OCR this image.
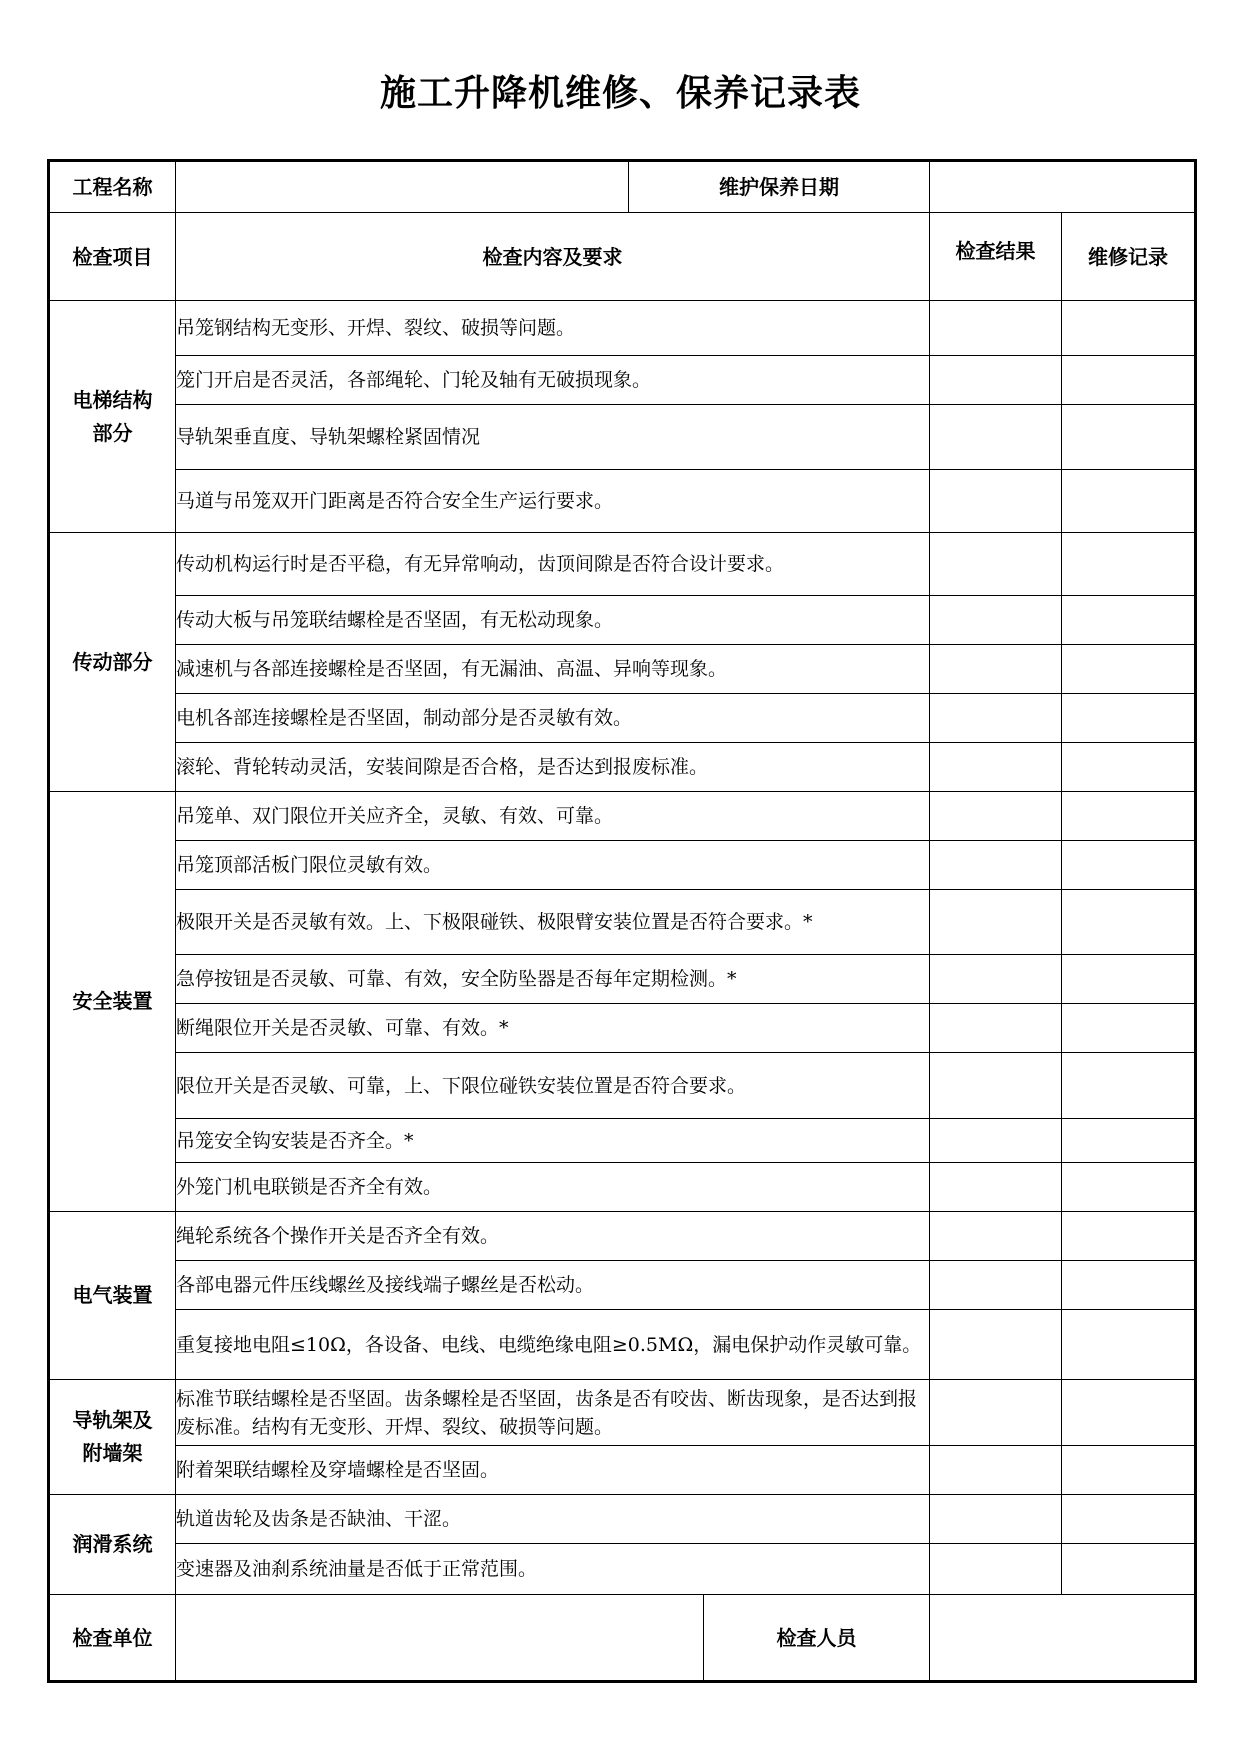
施工升降机维修、保养记录表
工程名称		维护保养日期			
检查项目	检查内容及要求			检查结果	维修记录
电梯结构部分	吊笼钢结构无变形、开焊、裂纹、破损等问题。				
	笼门开启是否灵活，各部绳轮、门轮及轴有无破损现象。				
	导轨架垂直度、导轨架螺栓紧固情况				
	马道与吊笼双开门距离是否符合安全生产运行要求。				
传动部分	传动机构运行时是否平稳，有无异常响动，齿顶间隙是否符合设计要求。				
	传动大板与吊笼联结螺栓是否坚固，有无松动现象。				
	减速机与各部连接螺栓是否坚固，有无漏油、高温、异响等现象。				
	电机各部连接螺栓是否坚固，制动部分是否灵敏有效。				
	滚轮、背轮转动灵活，安装间隙是否合格，是否达到报废标准。				
安全装置	吊笼单、双门限位开关应齐全，灵敏、有效、可靠。				
	吊笼顶部活板门限位灵敏有效。				
	极限开关是否灵敏有效。上、下极限碰铁、极限臂安装位置是否符合要求。*				
	急停按钮是否灵敏、可靠、有效，安全防坠器是否每年定期检测。*				
	断绳限位开关是否灵敏、可靠、有效。*				
	限位开关是否灵敏、可靠，上、下限位碰铁安装位置是否符合要求。				
	吊笼安全钩安装是否齐全。*				
	外笼门机电联锁是否齐全有效。				
电气装置	绳轮系统各个操作开关是否齐全有效。				
	各部电器元件压线螺丝及接线端子螺丝是否松动。				
	重复接地电阻≤10Ω，各设备、电线、电缆绝缘电阻≥0.5MΩ，漏电保护动作灵敏可靠。				
导轨架及附墙架	标准节联结螺栓是否坚固。齿条螺栓是否坚固，齿条是否有咬齿、断齿现象，是否达到报废标准。结构有无变形、开焊、裂纹、破损等问题。				
	附着架联结螺栓及穿墙螺栓是否坚固。				
润滑系统	轨道齿轮及齿条是否缺油、干涩。				
	变速器及油刹系统油量是否低于正常范围。				
检查单位			检查人员		
